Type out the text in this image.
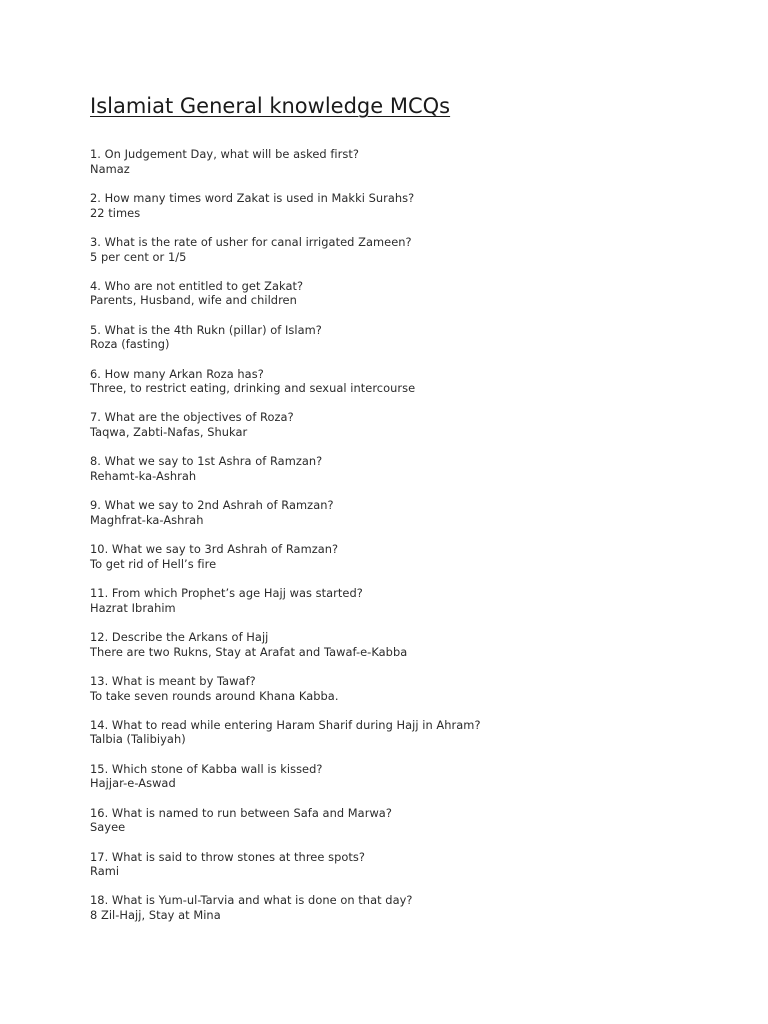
Islamiat General knowledge MCQs

1. On Judgement Day, what will be asked first?

Namaz

2. How many times word Zakat is used in Makki Surahs?

22 times

3. What is the rate of usher for canal irrigated Zameen?

5 per cent or 1/5

4. Who are not entitled to get Zakat?

Parents, Husband, wife and children

5. What is the 4th Rukn (pillar) of Islam?

Roza (fasting)

6. How many Arkan Roza has?

Three, to restrict eating, drinking and sexual intercourse

7. What are the objectives of Roza?

Taqwa, Zabti-Nafas, Shukar

8. What we say to 1st Ashra of Ramzan?

Rehamt-ka-Ashrah

9. What we say to 2nd Ashrah of Ramzan?

Maghfrat-ka-Ashrah

10. What we say to 3rd Ashrah of Ramzan?

To get rid of Hell’s fire

11. From which Prophet’s age Hajj was started?

Hazrat Ibrahim

12. Describe the Arkans of Hajj

There are two Rukns, Stay at Arafat and Tawaf-e-Kabba

13. What is meant by Tawaf?

To take seven rounds around Khana Kabba.

14. What to read while entering Haram Sharif during Hajj in Ahram?

Talbia (Talibiyah)

15. Which stone of Kabba wall is kissed?

Hajjar-e-Aswad

16. What is named to run between Safa and Marwa?

Sayee

17. What is said to throw stones at three spots?

Rami

18. What is Yum-ul-Tarvia and what is done on that day?

8 Zil-Hajj, Stay at Mina
